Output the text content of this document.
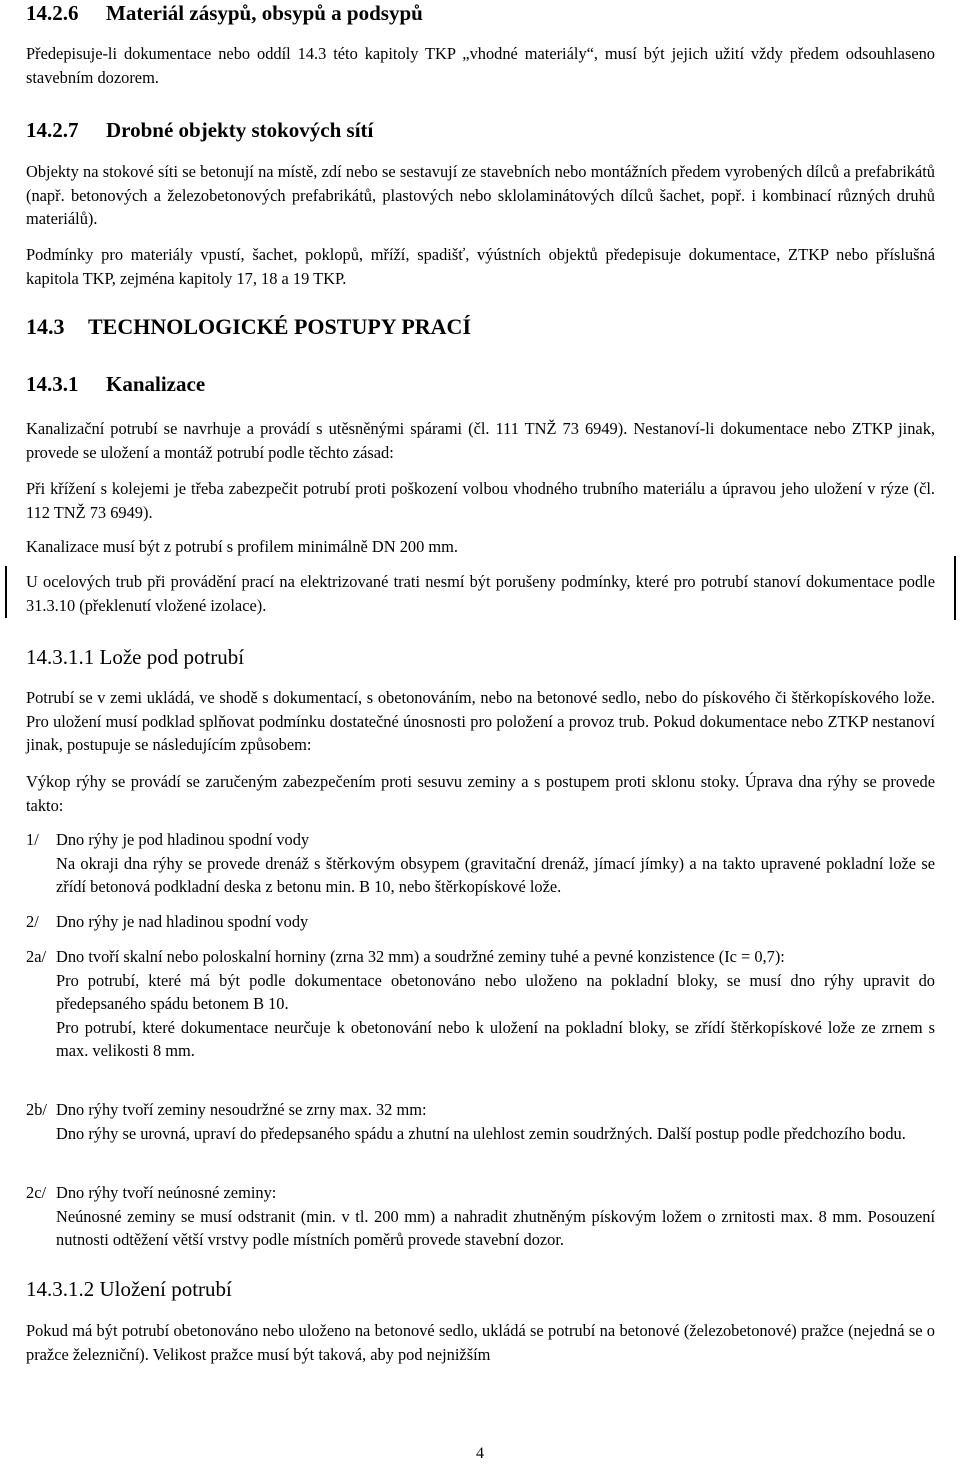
14.2.6 Materiál zásypů, obsypů a podsypů

Předepisuje-li dokumentace nebo oddíl 14.3 této kapitoly TKP „vhodné materiály“, musí být jejich užití vždy předem odsouhlaseno stavebním dozorem.

14.2.7 Drobné objekty stokových sítí

Objekty na stokové síti se betonují na místě, zdí nebo se sestavují ze stavebních nebo montážních předem vyrobených dílců a prefabrikátů (např. betonových a železobetonových prefabrikátů, plastových nebo sklolaminátových dílců šachet, popř. i kombinací různých druhů materiálů).

Podmínky pro materiály vpustí, šachet, poklopů, mříží, spadišť, výústních objektů předepisuje dokumentace, ZTKP nebo příslušná kapitola TKP, zejména kapitoly 17, 18 a 19 TKP.

14.3 TECHNOLOGICKÉ POSTUPY PRACÍ
14.3.1 Kanalizace

Kanalizační potrubí se navrhuje a provádí s utěsněnými spárami (čl. 111 TNŽ 73 6949). Nestanoví-li dokumentace nebo ZTKP jinak, provede se uložení a montáž potrubí podle těchto zásad:

Při křížení s kolejemi je třeba zabezpečit potrubí proti poškození volbou vhodného trubního materiálu a úpravou jeho uložení v rýze (čl. 112 TNŽ 73 6949).

Kanalizace musí být z potrubí s profilem minimálně DN 200 mm.

U ocelových trub při provádění prací na elektrizované trati nesmí být porušeny podmínky, které pro potrubí stanoví dokumentace podle 31.3.10 (překlenutí vložené izolace).

14.3.1.1 Lože pod potrubí

Potrubí se v zemi ukládá, ve shodě s dokumentací, s obetonováním, nebo na betonové sedlo, nebo do pískového či štěrkopískového lože. Pro uložení musí podklad splňovat podmínku dostatečné únosnosti pro položení a provoz trub. Pokud dokumentace nebo ZTKP nestanoví jinak, postupuje se následujícím způsobem:

Výkop rýhy se provádí se zaručeným zabezpečením proti sesuvu zeminy a s postupem proti sklonu stoky. Úprava dna rýhy se provede takto:

1/	Dno rýhy je pod hladinou spodní vody

Na okraji dna rýhy se provede drenáž s štěrkovým obsypem (gravitační drenáž, jímací jímky) a na takto upravené pokladní lože se zřídí betonová podkladní deska z betonu min. B 10, nebo štěrkopískové lože.

2/	Dno rýhy je nad hladinou spodní vody

2a/ Dno tvoří skalní nebo poloskalní horniny (zrna 32 mm) a soudržné zeminy tuhé a pevné konzistence (Ic = 0,7):

Pro potrubí, které má být podle dokumentace obetonováno nebo uloženo na pokladní bloky, se musí dno rýhy upravit do předepsaného spádu betonem B 10.

Pro potrubí, které dokumentace neurčuje k obetonování nebo k uložení na pokladní bloky, se zřídí štěrkopískové lože ze zrnem s max. velikosti 8 mm.

2b/ Dno rýhy tvoří zeminy nesoudržné se zrny max. 32 mm:

Dno rýhy se urovná, upraví do předepsaného spádu a zhutní na ulehlost zemin soudržných. Další postup podle předchozího bodu.

2c/ Dno rýhy tvoří neúnosné zeminy:

Neúnosné zeminy se musí odstranit (min. v tl. 200 mm) a nahradit zhutněným pískovým ložem o zrnitosti max. 8 mm. Posouzení nutnosti odtěžení větší vrstvy podle místních poměrů provede stavební dozor.

14.3.1.2 Uložení potrubí

Pokud má být potrubí obetonováno nebo uloženo na betonové sedlo, ukládá se potrubí na betonové (železobetonové) pražce (nejedná se o pražce železniční). Velikost pražce musí být taková, aby pod nejnižším

4
